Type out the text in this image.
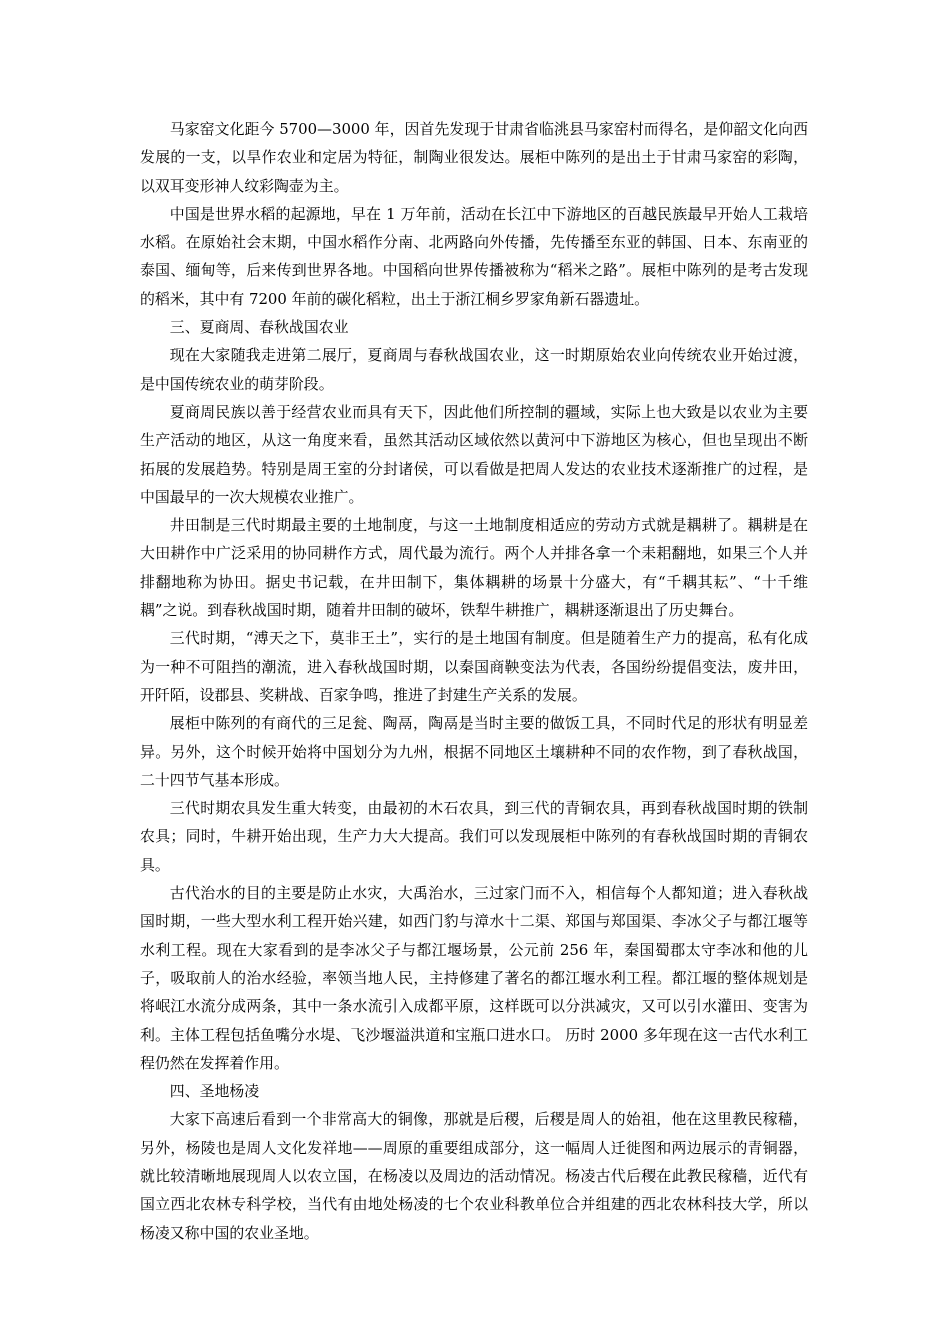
马家窑文化距今 5700—3000 年，因首先发现于甘肃省临洮县马家窑村而得名，是仰韶文化向西发展的一支，以旱作农业和定居为特征，制陶业很发达。展柜中陈列的是出土于甘肃马家窑的彩陶，以双耳变形神人纹彩陶壶为主。

中国是世界水稻的起源地，早在 1 万年前，活动在长江中下游地区的百越民族最早开始人工栽培水稻。在原始社会末期，中国水稻作分南、北两路向外传播，先传播至东亚的韩国、日本、东南亚的泰国、缅甸等，后来传到世界各地。中国稻向世界传播被称为“稻米之路”。展柜中陈列的是考古发现的稻米，其中有 7200 年前的碳化稻粒，出土于浙江桐乡罗家角新石器遗址。

三、夏商周、春秋战国农业

现在大家随我走进第二展厅，夏商周与春秋战国农业，这一时期原始农业向传统农业开始过渡，是中国传统农业的萌芽阶段。

夏商周民族以善于经营农业而具有天下，因此他们所控制的疆域，实际上也大致是以农业为主要生产活动的地区，从这一角度来看，虽然其活动区域依然以黄河中下游地区为核心，但也呈现出不断拓展的发展趋势。特别是周王室的分封诸侯，可以看做是把周人发达的农业技术逐渐推广的过程，是中国最早的一次大规模农业推广。

井田制是三代时期最主要的土地制度，与这一土地制度相适应的劳动方式就是耦耕了。耦耕是在大田耕作中广泛采用的协同耕作方式，周代最为流行。两个人并排各拿一个耒耜翻地，如果三个人并排翻地称为协田。据史书记载，在井田制下，集体耦耕的场景十分盛大，有“千耦其耘”、“十千维耦”之说。到春秋战国时期，随着井田制的破坏，铁犁牛耕推广，耦耕逐渐退出了历史舞台。

三代时期，“溥天之下，莫非王土”，实行的是土地国有制度。但是随着生产力的提高，私有化成为一种不可阻挡的潮流，进入春秋战国时期，以秦国商鞅变法为代表，各国纷纷提倡变法，废井田，开阡陌，设郡县、奖耕战、百家争鸣，推进了封建生产关系的发展。

展柜中陈列的有商代的三足瓮、陶鬲，陶鬲是当时主要的做饭工具，不同时代足的形状有明显差异。另外，这个时候开始将中国划分为九州，根据不同地区土壤耕种不同的农作物，到了春秋战国，二十四节气基本形成。

三代时期农具发生重大转变，由最初的木石农具，到三代的青铜农具，再到春秋战国时期的铁制农具；同时，牛耕开始出现，生产力大大提高。我们可以发现展柜中陈列的有春秋战国时期的青铜农具。

古代治水的目的主要是防止水灾，大禹治水，三过家门而不入，相信每个人都知道；进入春秋战国时期，一些大型水利工程开始兴建，如西门豹与漳水十二渠、郑国与郑国渠、李冰父子与都江堰等水利工程。现在大家看到的是李冰父子与都江堰场景，公元前 256 年，秦国蜀郡太守李冰和他的儿子，吸取前人的治水经验，率领当地人民，主持修建了著名的都江堰水利工程。都江堰的整体规划是将岷江水流分成两条，其中一条水流引入成都平原，这样既可以分洪减灾，又可以引水灌田、变害为利。主体工程包括鱼嘴分水堤、飞沙堰溢洪道和宝瓶口进水口。 历时 2000 多年现在这一古代水利工程仍然在发挥着作用。

四、圣地杨凌

大家下高速后看到一个非常高大的铜像，那就是后稷，后稷是周人的始祖，他在这里教民稼穑，另外，杨陵也是周人文化发祥地——周原的重要组成部分，这一幅周人迁徙图和两边展示的青铜器，就比较清晰地展现周人以农立国，在杨凌以及周边的活动情况。杨凌古代后稷在此教民稼穑，近代有国立西北农林专科学校，当代有由地处杨凌的七个农业科教单位合并组建的西北农林科技大学，所以杨凌又称中国的农业圣地。
